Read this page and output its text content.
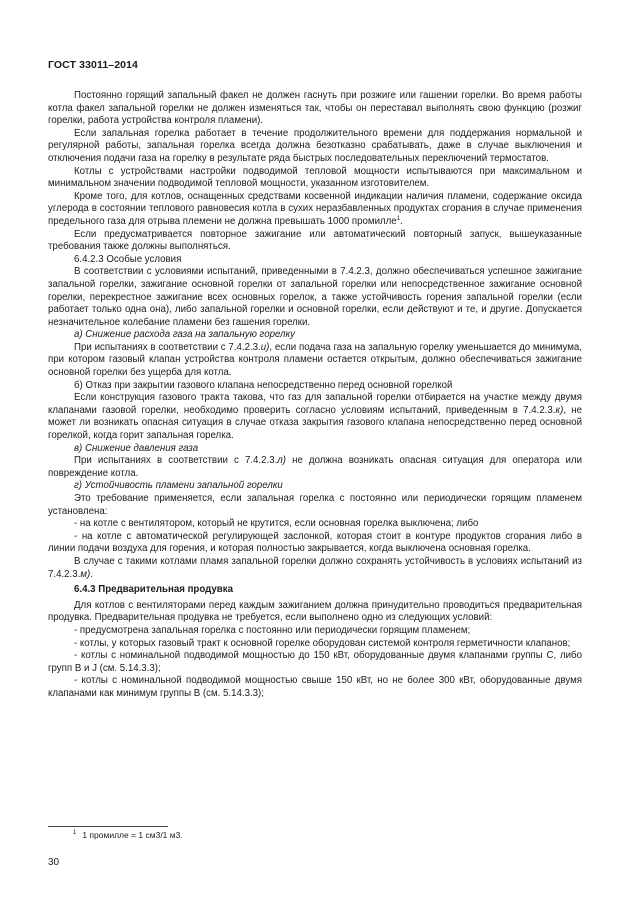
ГОСТ 33011–2014

Постоянно горящий запальный факел не должен гаснуть при розжиге или гашении горелки. Во время работы котла факел запальной горелки не должен изменяться так, чтобы он переставал выполнять свою функцию (розжиг горелки, работа устройства контроля пламени).

Если запальная горелка работает в течение продолжительного времени для поддержания нормальной и регулярной работы, запальная горелка всегда должна безотказно срабатывать, даже в случае выключения и отключения подачи газа на горелку в результате ряда быстрых последовательных переключений термостатов.

Котлы с устройствами настройки подводимой тепловой мощности испытываются при максимальном и минимальном значении подводимой тепловой мощности, указанном изготовителем.

Кроме того, для котлов, оснащенных средствами косвенной индикации наличия пламени, содержание оксида углерода в состоянии теплового равновесия котла в сухих неразбавленных продуктах сгорания в случае применения предельного газа для отрыва племени не должна превышать 1000 промилле$^1$.

Если предусматривается повторное зажигание или автоматический повторный запуск, вышеуказанные требования также должны выполняться.

6.4.2.3 Особые условия

В соответствии с условиями испытаний, приведенными в 7.4.2.3, должно обеспечиваться успешное зажигание запальной горелки, зажигание основной горелки от запальной горелки или непосредственное зажигание основной горелки, перекрестное зажигание всех основных горелок, а также устойчивость горения запальной горелки (если работает только одна она), либо запальной горелки и основной горелки, если действуют и те, и другие. Допускается незначительное колебание пламени без гашения горелки.

а) Снижение расхода газа на запальную горелку

При испытаниях в соответствии с 7.4.2.3.и), если подача газа на запальную горелку уменьшается до минимума, при котором газовый клапан устройства контроля пламени остается открытым, должно обеспечиваться зажигание основной горелки без ущерба для котла.

б) Отказ при закрытии газового клапана непосредственно перед основной горелкой

Если конструкция газового тракта такова, что газ для запальной горелки отбирается на участке между двумя клапанами газовой горелки, необходимо проверить согласно условиям испытаний, приведенным в 7.4.2.3.к), не может ли возникать опасная ситуация в случае отказа закрытия газового клапана непосредственно перед основной горелкой, когда горит запальная горелка.

в) Снижение давления газа

При испытаниях в соответствии с 7.4.2.3.л) не должна возникать опасная ситуация для оператора или повреждение котла.

г) Устойчивость пламени запальной горелки

Это требование применяется, если запальная горелка с постоянно или периодически горящим пламенем установлена:

- на котле с вентилятором, который не крутится, если основная горелка выключена; либо

- на котле с автоматической регулирующей заслонкой, которая стоит в контуре продуктов сгорания либо в линии подачи воздуха для горения, и которая полностью закрывается, когда выключена основная горелка.

В случае с такими котлами пламя запальной горелки должно сохранять устойчивость в условиях испытаний из 7.4.2.3.м).

6.4.3 Предварительная продувка

Для котлов с вентиляторами перед каждым зажиганием должна принудительно проводиться предварительная продувка. Предварительная продувка не требуется, если выполнено одно из следующих условий:

- предусмотрена запальная горелка с постоянно или периодически горящим пламенем;

- котлы, у которых газовый тракт к основной горелке оборудован системой контроля герметичности клапанов;

- котлы с номинальной подводимой мощностью до 150 кВт, оборудованные двумя клапанами группы С, либо групп В и J (см. 5.14.3.3);

- котлы с номинальной подводимой мощностью свыше 150 кВт, но не более 300 кВт, оборудованные двумя клапанами как минимум группы В (см. 5.14.3.3);

$^1$ 1 промилле = 1 см3/1 м3.
30
